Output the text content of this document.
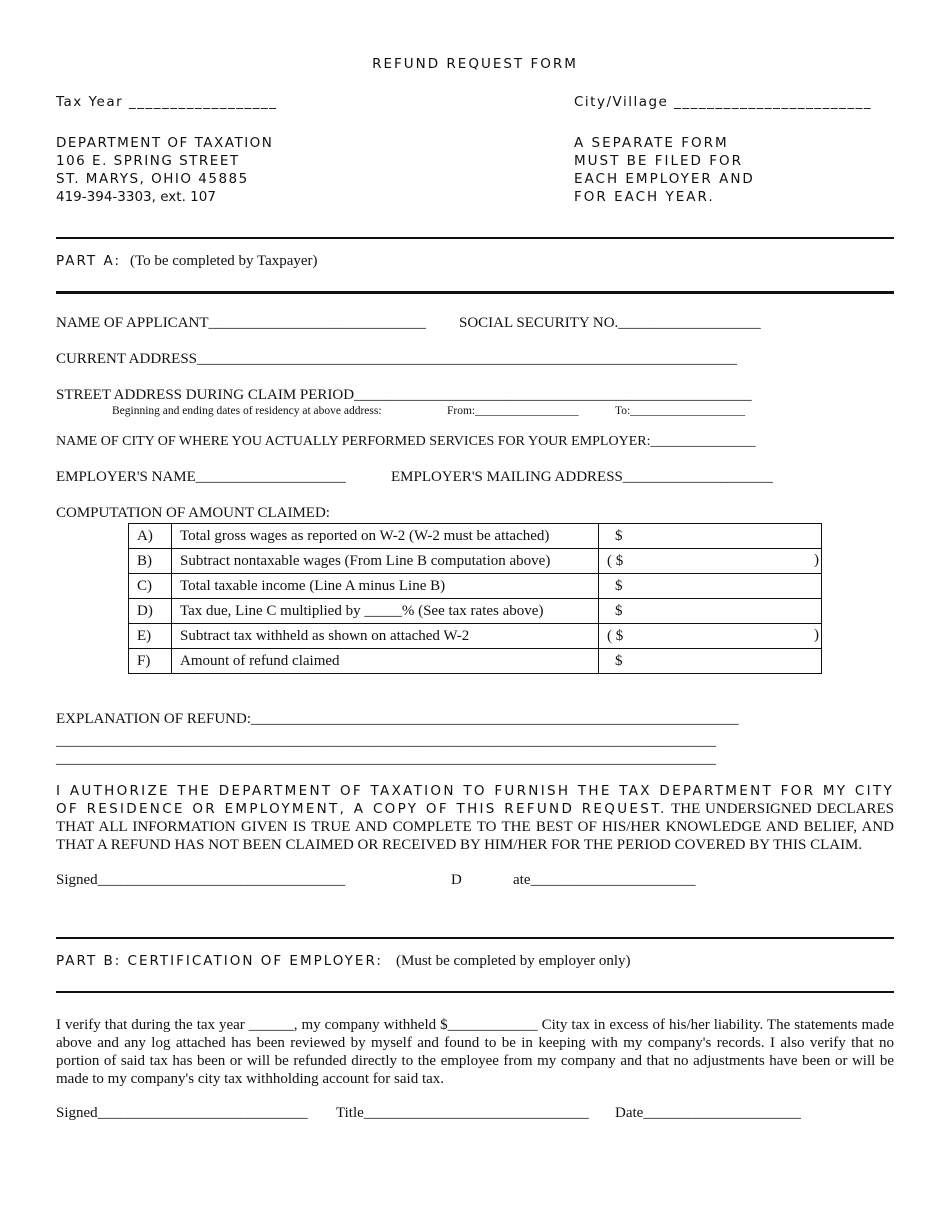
REFUND REQUEST FORM
Tax Year __________________	City/Village ________________________
DEPARTMENT OF TAXATION
106 E. SPRING STREET
ST. MARYS, OHIO 45885
419-394-3303, ext. 107
A SEPARATE FORM
MUST BE FILED FOR
EACH EMPLOYER AND
FOR EACH YEAR.
PART A: (To be completed by Taxpayer)
NAME OF APPLICANT_____________________________ SOCIAL SECURITY NO.___________________
CURRENT ADDRESS________________________________________________________________________
STREET ADDRESS DURING CLAIM PERIOD_____________________________________________________
Beginning and ending dates of residency at above address:	From:__________________	To:____________________
NAME OF CITY OF WHERE YOU ACTUALLY PERFORMED SERVICES FOR YOUR EMPLOYER:_______________
EMPLOYER'S NAME____________________	EMPLOYER'S MAILING ADDRESS____________________
COMPUTATION OF AMOUNT CLAIMED:
A)	Total gross wages as reported on W-2 (W-2 must be attached)	$

B)	Subtract nontaxable wages (From Line B computation above)	( $ )

C)	Total taxable income (Line A minus Line B)	$

D)	Tax due, Line C multiplied by _____% (See tax rates above)	$

E)	Subtract tax withheld as shown on attached W-2	( $ )

F)	Amount of refund claimed	$
EXPLANATION OF REFUND:_________________________________________________________________
________________________________________________________________________________________
________________________________________________________________________________________
I AUTHORIZE THE DEPARTMENT OF TAXATION TO FURNISH THE TAX DEPARTMENT FOR MY CITY OF RESIDENCE OR EMPLOYMENT, A COPY OF THIS REFUND REQUEST. THE UNDERSIGNED DECLARES THAT ALL INFORMATION GIVEN IS TRUE AND COMPLETE TO THE BEST OF HIS/HER KNOWLEDGE AND BELIEF, AND THAT A REFUND HAS NOT BEEN CLAIMED OR RECEIVED BY HIM/HER FOR THE PERIOD COVERED BY THIS CLAIM.
Signed_________________________________	D	ate______________________
PART B: CERTIFICATION OF EMPLOYER: (Must be completed by employer only)
I verify that during the tax year ______, my company withheld $____________ City tax in excess of his/her liability. The statements made above and any log attached has been reviewed by myself and found to be in keeping with my company's records. I also verify that no portion of said tax has been or will be refunded directly to the employee from my company and that no adjustments have been or will be made to my company's city tax withholding account for said tax.
Signed____________________________ Title______________________________ Date_____________________
